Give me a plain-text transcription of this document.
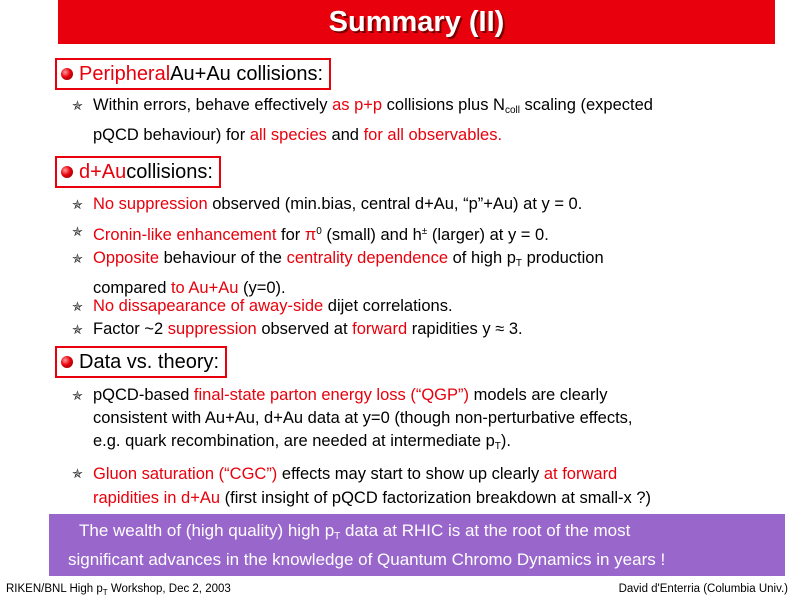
Summary (II)
Peripheral Au+Au collisions:
✯ Within errors, behave effectively as p+p collisions plus $N_{coll}$ scaling (expected
pQCD behaviour) for all species and for all observables.
d+Au collisions:
✯ No suppression observed (min.bias, central d+Au, “p”+Au) at y = 0.
✯ Cronin-like enhancement for $\pi^0$ (small) and h± (larger) at y = 0.
✯ Opposite behaviour of the centrality dependence of high $p_T$ production
compared to Au+Au (y=0).
✯ No dissapearance of away-side dijet correlations.
✯ Factor ~2 suppression observed at forward rapidities y ≈ 3.
Data vs. theory:
✯ pQCD-based final-state parton energy loss (“QGP”) models are clearly
consistent with Au+Au, d+Au data at y=0 (though non-perturbative effects,
e.g. quark recombination, are needed at intermediate $p_T$).
✯ Gluon saturation (“CGC”) effects may start to show up clearly at forward
rapidities in d+Au (first insight of pQCD factorization breakdown at small-x ?)
The wealth of (high quality) high $p_T$ data at RHIC is at the root of the most
significant advances in the knowledge of Quantum Chromo Dynamics in years !
RIKEN/BNL High $p_T$ Workshop, Dec 2, 2003	David d'Enterria (Columbia Univ.)
